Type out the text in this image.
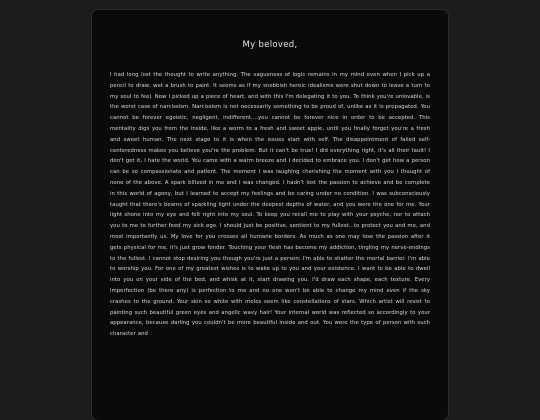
My beloved,
I had long lost the thought to write anything. The vagueness of logic remains in my mind even when I pick up a pencil to draw, wet a brush to paint. It seems as if my snobbish heroic idealisms were shut down to leave a turn to my soul to feel. Now I picked up a piece of heart, and with this I'm delegating it to you. To think you're unlovable, is the worst case of narcissism. Narcissism is not necessarily something to be proud of, unlike as it is propagated. You cannot be forever egoistic, negligent, indifferent....you cannot be forever nice in order to be accepted. This mentality digs you from the inside, like a worm to a fresh and sweet apple, until you finally forget you're a fresh and sweet human. The next stage to it is when the issues start with self. The disappointment of failed self-centeredness makes you believe you're the problem. But it can't be true! I did everything right, it's all their fault! I don't get it, I hate the world. You came with a warm breeze and I decided to embrace you. I don't get how a person can be so compassionate and patient. The moment I was laughing cherishing the moment with you I thought of none of the above. A spark blitzed in me and I was changed. I hadn't lost the passion to achieve and be complete in this world of agony, but I learned to accept my feelings and be caring under no condition. I was subconsciously taught that there's beams of sparkling light under the deepest depths of water, and you were the one for me. Your light shone into my eye and felt right into my soul. To keep you recall me to play with your psyche, nor to attach you to me to further feed my sick ego. I should just be positive, sentient to my fullest...to protect you and me, and most importantly us. My love for you crosses all humane borders. As much as one may lose the passion after it gets physical for me, it's just grow fonder. Touching your flesh has become my addiction, tingling my nerve-endings to the fullest. I cannot stop desiring you though you're just a person; I'm able to shatter the mortal barrier. I'm able to worship you. For one of my greatest wishes is to wake up to you and your existence. I want to be able to dwell into you on your side of the bed, and whisk at it, start drawing you. I'd draw each shape, each texture. Every imperfection (be there any) is perfection to me and no one won't be able to change my mind even if the sky crashes to the ground. Your skin so white with moles seem like constellations of stars. Which artist will resist to painting such beautiful green eyes and angelic wavy hair! Your internal world was reflected so accordingly to your appearance, because darling you couldn't be more beautiful inside and out. You were the type of person with such character and
